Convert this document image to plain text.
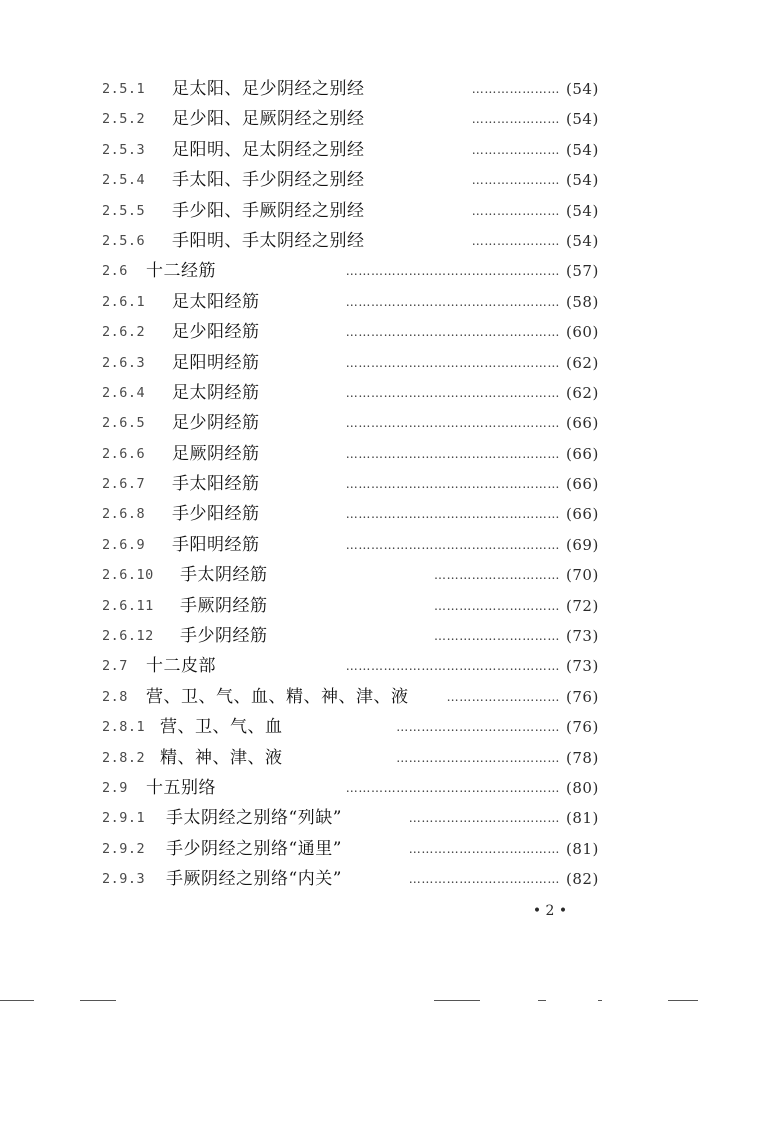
2.5.1 足太阳、足少阴经之别经	………………… (54)
2.5.2 足少阳、足厥阴经之别经	………………… (54)
2.5.3 足阳明、足太阴经之别经	………………… (54)
2.5.4 手太阳、手少阴经之别经	………………… (54)
2.5.5 手少阳、手厥阴经之别经	………………… (54)
2.5.6 手阳明、手太阴经之别经	………………… (54)
2.6 十二经筋	…………………………………………… (57)
2.6.1 足太阳经筋	…………………………………………… (58)
2.6.2 足少阳经筋	…………………………………………… (60)
2.6.3 足阳明经筋	…………………………………………… (62)
2.6.4 足太阴经筋	…………………………………………… (62)
2.6.5 足少阴经筋	…………………………………………… (66)
2.6.6 足厥阴经筋	…………………………………………… (66)
2.6.7 手太阳经筋	…………………………………………… (66)
2.6.8 手少阳经筋	…………………………………………… (66)
2.6.9 手阳明经筋	…………………………………………… (69)
2.6.10 手太阴经筋	………………………… (70)
2.6.11 手厥阴经筋	………………………… (72)
2.6.12 手少阴经筋	………………………… (73)
2.7 十二皮部	…………………………………………… (73)
2.8 营、卫、气、血、精、神、津、液	……………………… (76)
2.8.1 营、卫、气、血	………………………………… (76)
2.8.2 精、神、津、液	………………………………… (78)
2.9 十五别络	…………………………………………… (80)
2.9.1 手太阴经之别络“列缺”	……………………………… (81)
2.9.2 手少阴经之别络“通里”	……………………………… (81)
2.9.3 手厥阴经之别络“内关”	……………………………… (82)
• 2 •
